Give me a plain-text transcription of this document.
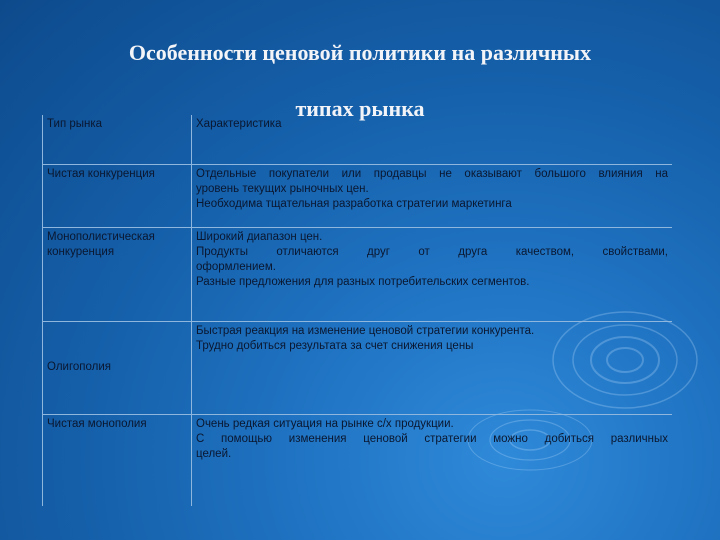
Особенности ценовой политики на различных
типах рынка
Тип рынка	Характеристика
Чистая конкуренция	Отдельные покупатели или продавцы не оказывают большого влияния на
уровень текущих рыночных цен.
Необходима тщательная разработка стратегии маркетинга

Монополистическая конкуренция	Широкий диапазон цен.
Продукты отличаются друг от друга качеством, свойствами,
оформлением.
Разные предложения для разных потребительских сегментов.

Олигополия	Быстрая реакция на изменение ценовой стратегии конкурента.
Трудно добиться результата за счет снижения цены

Чистая монополия	Очень редкая ситуация на рынке с/х продукции.
С помощью изменения ценовой стратегии можно добиться различных
целей.
